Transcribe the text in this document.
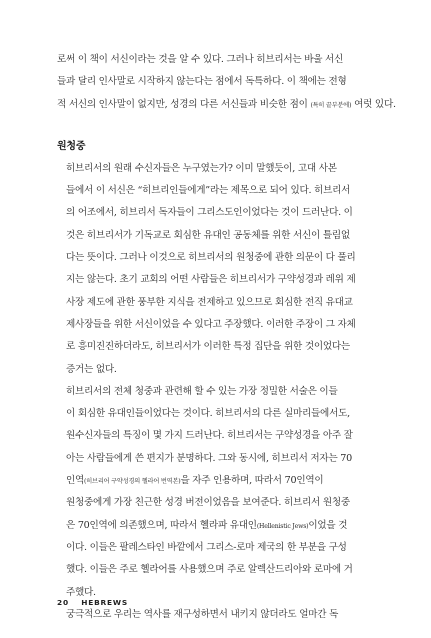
로써 이 책이 서신이라는 것을 알 수 있다. 그러나 히브리서는 바울 서신
들과 달리 인사말로 시작하지 않는다는 점에서 독특하다. 이 책에는 전형
적 서신의 인사말이 없지만, 성경의 다른 서신들과 비슷한 점이 (특히 끝부분에) 여럿 있다.
원청중
히브리서의 원래 수신자들은 누구였는가? 이미 말했듯이, 고대 사본
들에서 이 서신은 “히브리인들에게”라는 제목으로 되어 있다. 히브리서
의 어조에서, 히브리서 독자들이 그리스도인이었다는 것이 드러난다. 이
것은 히브리서가 기독교로 회심한 유대인 공동체를 위한 서신이 틀림없
다는 뜻이다. 그러나 이것으로 히브리서의 원청중에 관한 의문이 다 풀리
지는 않는다. 초기 교회의 어떤 사람들은 히브리서가 구약성경과 레위 제
사장 제도에 관한 풍부한 지식을 전제하고 있으므로 회심한 전직 유대교
제사장들을 위한 서신이었을 수 있다고 주장했다. 이러한 주장이 그 자체
로 흥미진진하더라도, 히브리서가 이러한 특정 집단을 위한 것이었다는
증거는 없다.
히브리서의 전체 청중과 관련해 할 수 있는 가장 정밀한 서술은 이들
이 회심한 유대인들이었다는 것이다. 히브리서의 다른 실마리들에서도,
원수신자들의 특징이 몇 가지 드러난다. 히브리서는 구약성경을 아주 잘
아는 사람들에게 쓴 편지가 분명하다. 그와 동시에, 히브리서 저자는 70
인역(히브리어 구약성경의 헬라어 번역본)을 자주 인용하며, 따라서 70인역이
원청중에게 가장 친근한 성경 버전이었음을 보여준다. 히브리서 원청중
은 70인역에 의존했으며, 따라서 헬라파 유대인(Hellenistic Jews)이었을 것
이다. 이들은 팔레스타인 바깥에서 그리스-로마 제국의 한 부분을 구성
했다. 이들은 주로 헬라어를 사용했으며 주로 알렉산드리아와 로마에 거
주했다.
궁극적으로 우리는 역사를 재구성하면서 내키지 않더라도 얼마간 독
20 HEBREWS
